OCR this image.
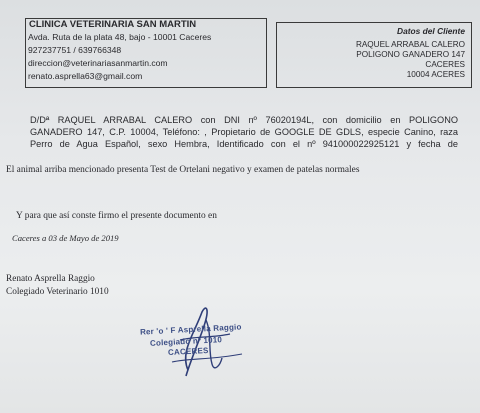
CLINICA VETERINARIA SAN MARTIN
Avda. Ruta de la plata 48, bajo - 10001 Caceres
927237751 / 639766348
direccion@veterinariasanmartin.com
renato.asprella63@gmail.com
Datos del Cliente
RAQUEL ARRABAL CALERO
POLIGONO GANADERO 147
CACERES
10004 ACERES
D/Dª RAQUEL ARRABAL CALERO con DNI nº 76020194L, con domicilio en POLIGONO
GANADERO 147, C.P. 10004, Teléfono: , Propietario de GOOGLE DE GDLS, especie Canino, raza
Perro de Agua Español, sexo Hembra, Identificado con el nº 941000022925121 y fecha de
El animal arriba mencionado presenta Test de Ortelani negativo y examen de patelas normales
Y para que así conste firmo el presente documento en
Caceres a 03 de Mayo de 2019
Renato Asprella Raggio
Colegiado Veterinario 1010
Rer 'o ' F Asprella Raggio
Colegiado nº 1010
CACERES
